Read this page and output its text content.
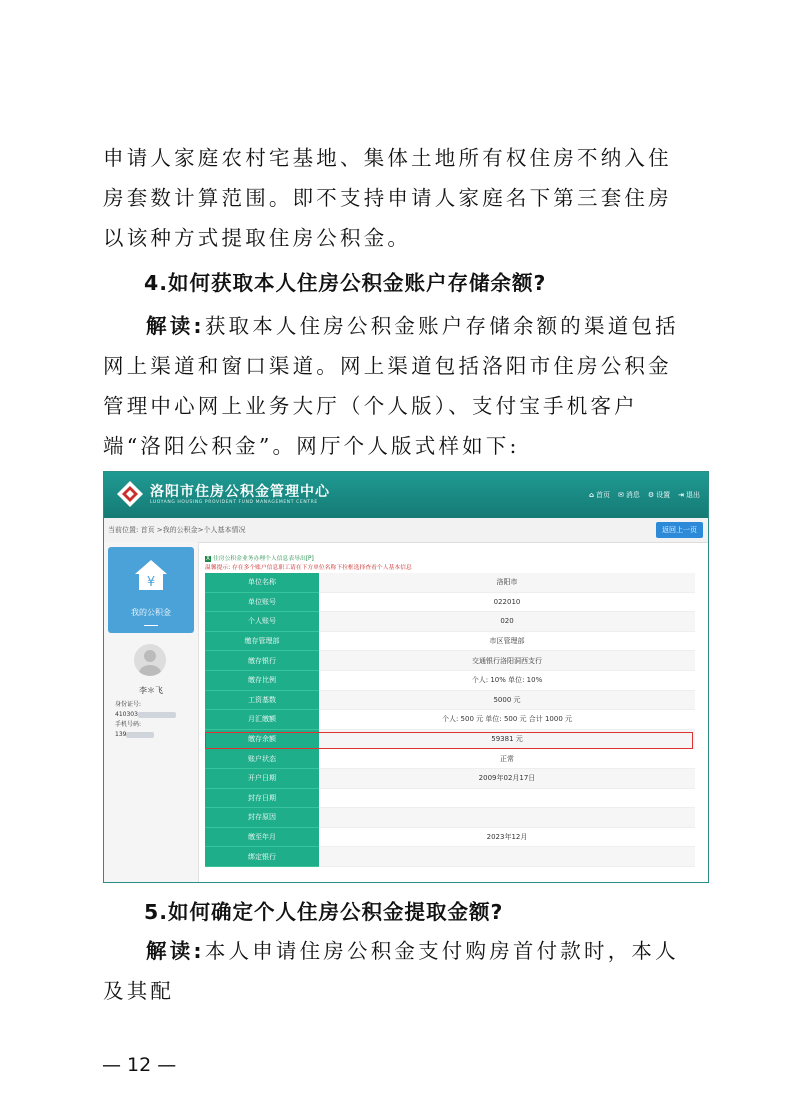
申请人家庭农村宅基地、集体土地所有权住房不纳入住房套数计算范围。即不支持申请人家庭名下第三套住房以该种方式提取住房公积金。
4.如何获取本人住房公积金账户存储余额?
解读:获取本人住房公积金账户存储余额的渠道包括网上渠道和窗口渠道。网上渠道包括洛阳市住房公积金管理中心网上业务大厅（个人版）、支付宝手机客户端“洛阳公积金”。网厅个人版式样如下:
洛阳市住房公积金管理中心
LUOYANG HOUSING PROVIDENT FUND MANAGEMENT CENTRE
⌂ 首页 ✉ 消息 ⚙ 设置 ⇥ 退出
当前位置: 首页 >我的公积金>个人基本情况	返回上一页
¥
我的公积金
李＊飞
身份证号:
410303
手机号码:
139
X 住房公积金业务办理个人信息表导出[P]
温馨提示: 存在多个账户信息职工请在下方单位名称下拉框选择查看个人基本信息
单位名称	洛阳市
单位账号	022010
个人账号	020
缴存管理部	市区管理部
缴存银行	交通银行洛阳洞西支行
缴存比例	个人: 10% 单位: 10%
工资基数	5000 元
月汇缴额	个人: 500 元 单位: 500 元 合计 1000 元
缴存余额	59381 元
账户状态	正常
开户日期	2009年02月17日
封存日期
封存原因
缴至年月	2023年12月
绑定银行
5.如何确定个人住房公积金提取金额?
解读:本人申请住房公积金支付购房首付款时，本人及其配
— 12 —
